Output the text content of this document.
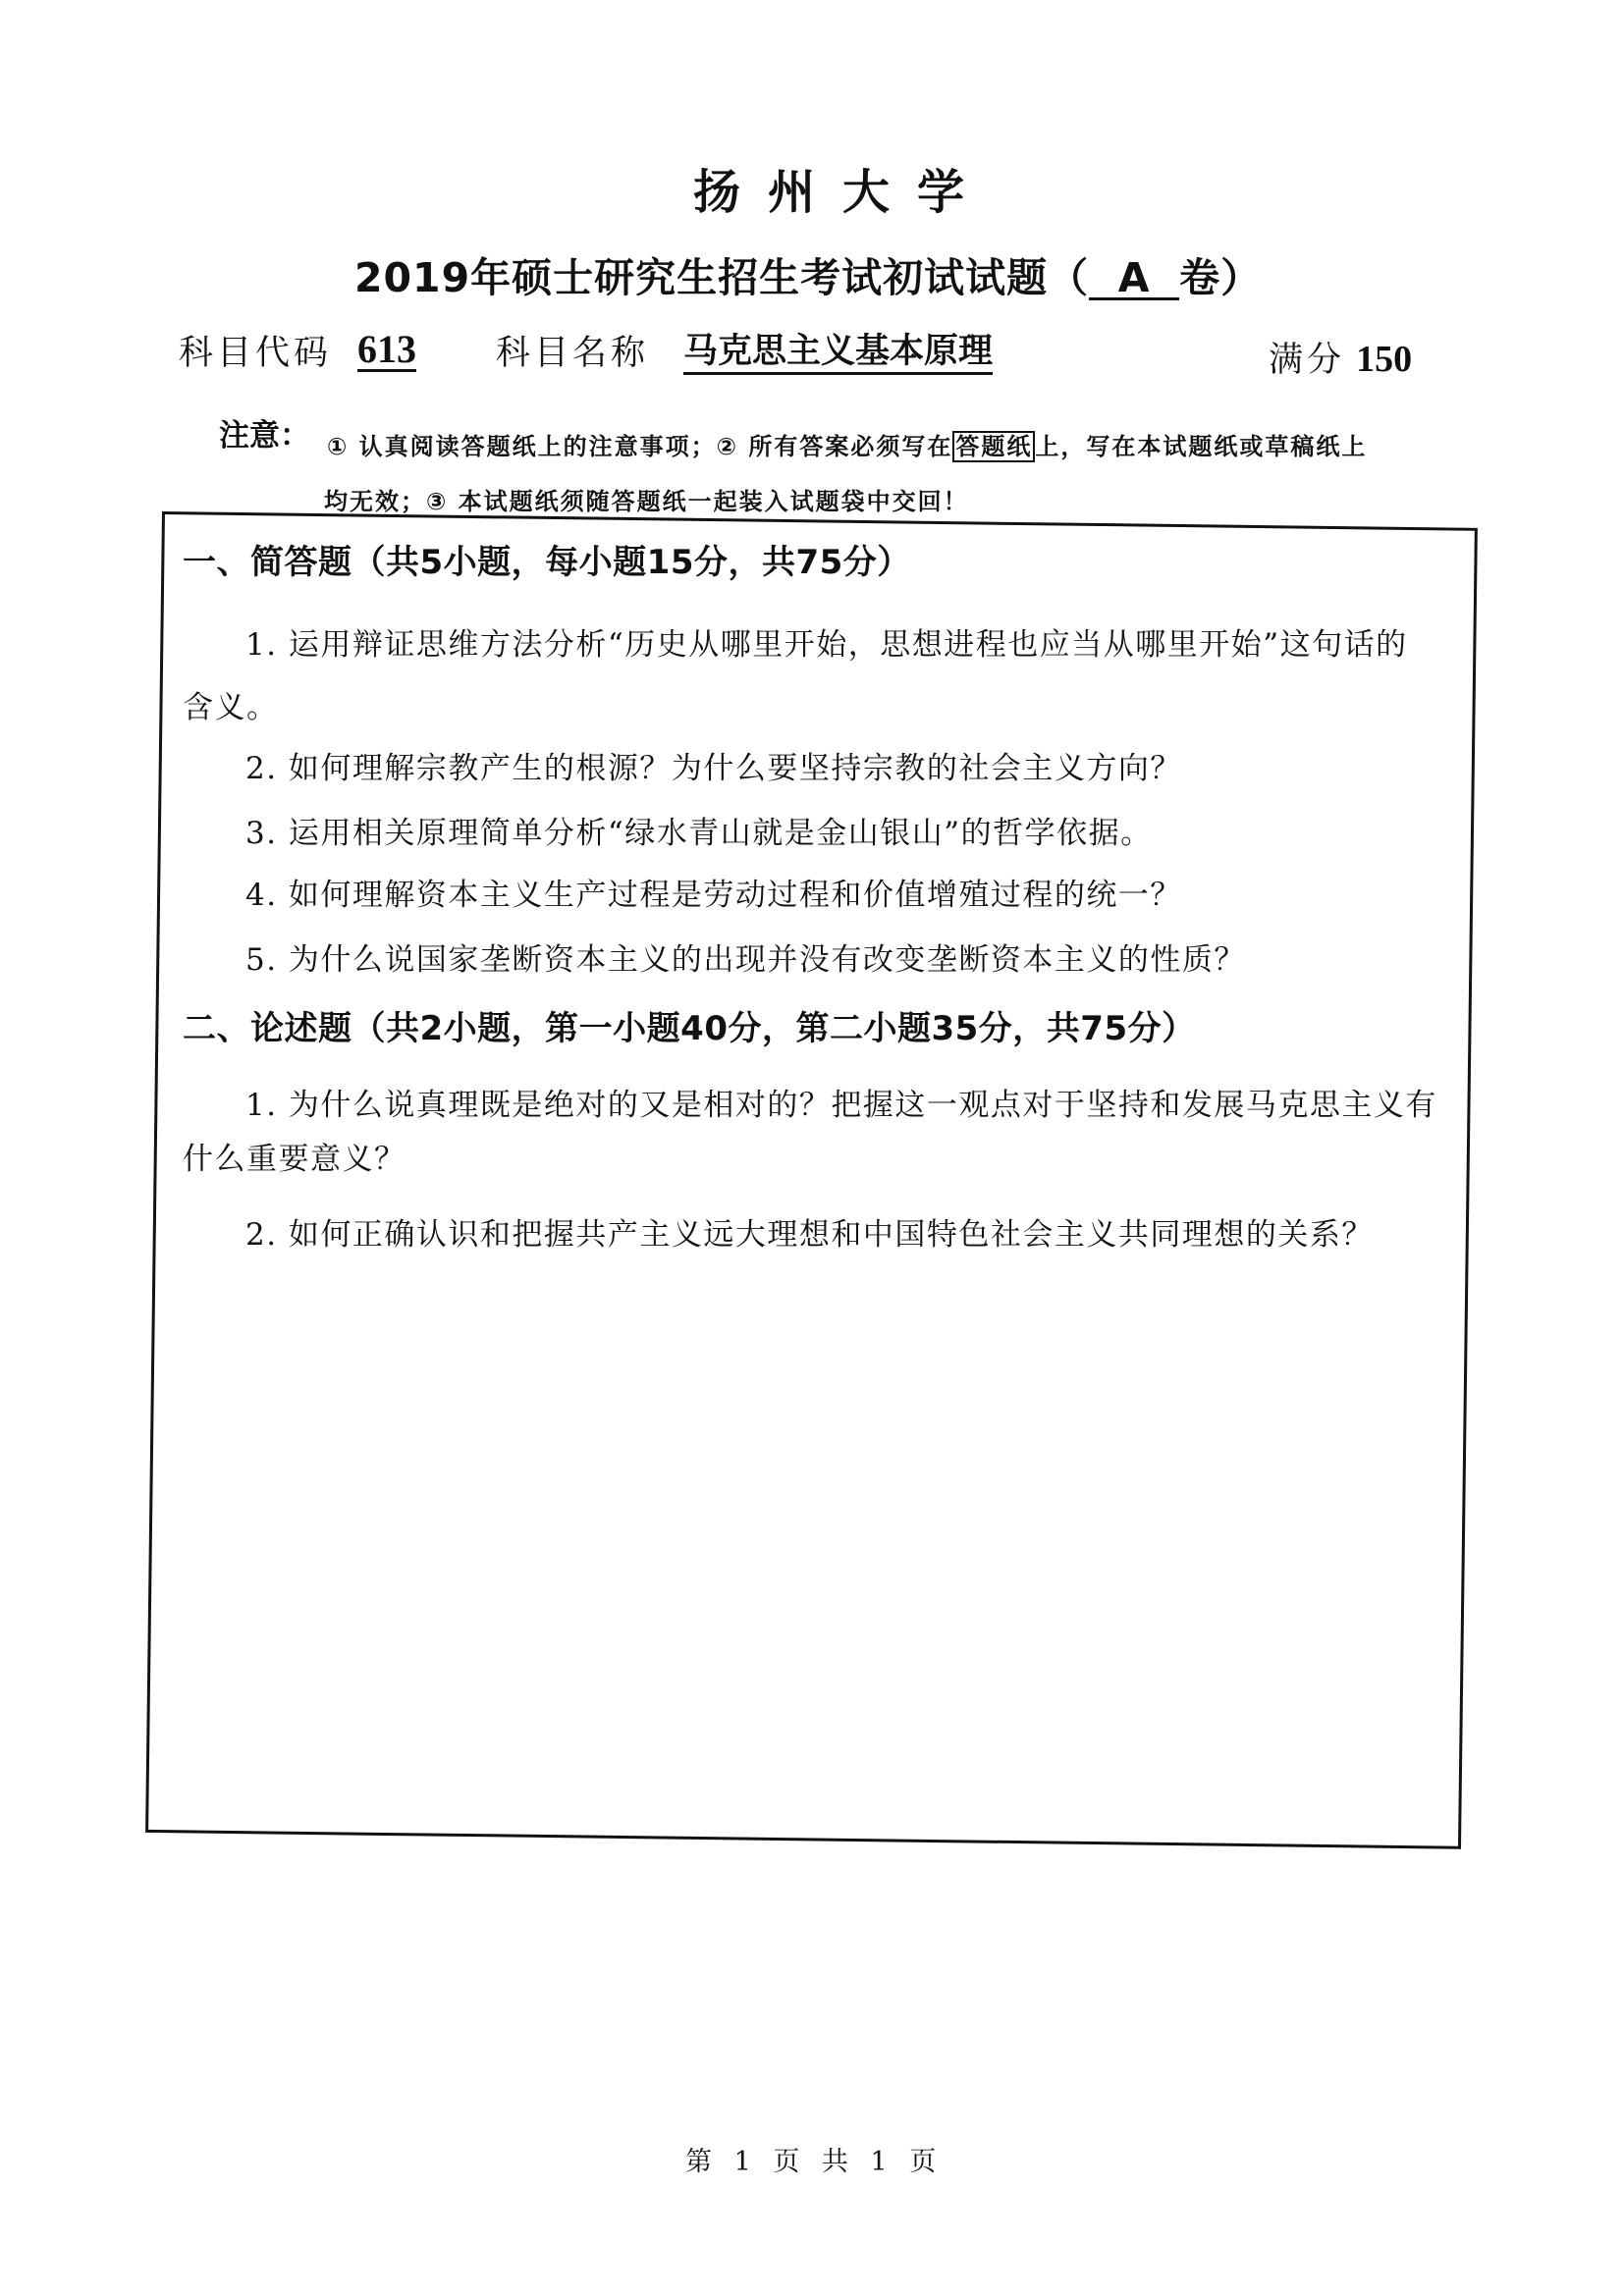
扬州大学
2019年硕士研究生招生考试初试试题（ A 卷）
科目代码 613 科目名称 马克思主义基本原理	满分 150
注意： ① 认真阅读答题纸上的注意事项；② 所有答案必须写在 答题纸 上，写在本试题纸或草稿纸上
均无效；③ 本试题纸须随答题纸一起装入试题袋中交回！
一、简答题（共5小题，每小题15分，共75分）
1. 运用辩证思维方法分析“历史从哪里开始，思想进程也应当从哪里开始”这句话的
含义。
2. 如何理解宗教产生的根源？为什么要坚持宗教的社会主义方向？
3. 运用相关原理简单分析“绿水青山就是金山银山”的哲学依据。
4. 如何理解资本主义生产过程是劳动过程和价值增殖过程的统一？
5. 为什么说国家垄断资本主义的出现并没有改变垄断资本主义的性质？
二、论述题（共2小题，第一小题40分，第二小题35分，共75分）
1. 为什么说真理既是绝对的又是相对的？把握这一观点对于坚持和发展马克思主义有
什么重要意义？
2. 如何正确认识和把握共产主义远大理想和中国特色社会主义共同理想的关系？
第 1 页 共 1 页
